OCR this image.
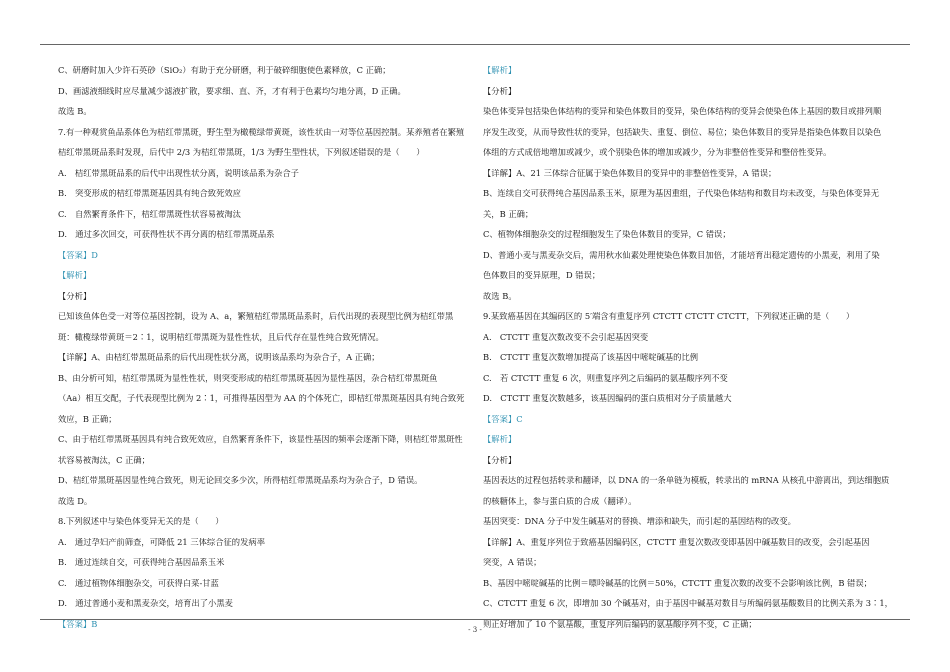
C、研磨时加入少许石英砂（SiO₂）有助于充分研磨，利于破碎细胞使色素释放，C 正确；
D、画滤液细线时应尽量减少滤液扩散，要求细、直、齐，才有利于色素均匀地分离，D 正确。
故选 B。
7.有一种观赏鱼品系体色为桔红带黑斑，野生型为橄榄绿带黄斑，该性状由一对等位基因控制。某养殖者在繁殖
桔红带黑斑品系时发现，后代中 2/3 为桔红带黑斑，1/3 为野生型性状，下列叙述错误的是（　　）
A.　桔红带黑斑品系的后代中出现性状分离，说明该品系为杂合子
B.　突变形成的桔红带黑斑基因具有纯合致死效应
C.　自然繁育条件下，桔红带黑斑性状容易被淘汰
D.　通过多次回交，可获得性状不再分离的桔红带黑斑品系
【答案】D
【解析】
【分析】
已知该鱼体色受一对等位基因控制，设为 A、a，繁殖桔红带黑斑品系时，后代出现的表现型比例为桔红带黑
斑：橄榄绿带黄斑＝2∶1，说明桔红带黑斑为显性性状，且后代存在显性纯合致死情况。
【详解】A、由桔红带黑斑品系的后代出现性状分离，说明该品系均为杂合子，A 正确；
B、由分析可知，桔红带黑斑为显性性状，则突变形成的桔红带黑斑基因为显性基因，杂合桔红带黑斑鱼
（Aa）相互交配，子代表现型比例为 2∶1，可推得基因型为 AA 的个体死亡，即桔红带黑斑基因具有纯合致死
效应，B 正确；
C、由于桔红带黑斑基因具有纯合致死效应，自然繁育条件下，该显性基因的频率会逐渐下降，则桔红带黑斑性
状容易被淘汰，C 正确；
D、桔红带黑斑基因显性纯合致死，则无论回交多少次，所得桔红带黑斑品系均为杂合子，D 错误。
故选 D。
8.下列叙述中与染色体变异无关的是（　　）
A.　通过孕妇产前筛查，可降低 21 三体综合征的发病率
B.　通过连续自交，可获得纯合基因品系玉米
C.　通过植物体细胞杂交，可获得白菜-甘蓝
D.　通过普通小麦和黑麦杂交，培育出了小黑麦
【答案】B
【解析】
【分析】
染色体变异包括染色体结构的变异和染色体数目的变异，染色体结构的变异会使染色体上基因的数目或排列顺
序发生改变，从而导致性状的变异，包括缺失、重复、倒位、易位；染色体数目的变异是指染色体数目以染色
体组的方式成倍地增加或减少，或个别染色体的增加或减少，分为非整倍性变异和整倍性变异。
【详解】A、21 三体综合征属于染色体数目的变异中的非整倍性变异，A 错误；
B、连续自交可获得纯合基因品系玉米，原理为基因重组，子代染色体结构和数目均未改变，与染色体变异无
关，B 正确；
C、植物体细胞杂交的过程细胞发生了染色体数目的变异，C 错误；
D、普通小麦与黑麦杂交后，需用秋水仙素处理使染色体数目加倍，才能培育出稳定遗传的小黑麦，利用了染
色体数目的变异原理，D 错误；
故选 B。
9.某致癌基因在其编码区的 5′端含有重复序列 CTCTT CTCTT CTCTT，下列叙述正确的是（　　）
A.　CTCTT 重复次数改变不会引起基因突变
B.　CTCTT 重复次数增加提高了该基因中嘧啶碱基的比例
C.　若 CTCTT 重复 6 次，则重复序列之后编码的氨基酸序列不变
D.　CTCTT 重复次数越多，该基因编码的蛋白质相对分子质量越大
【答案】C
【解析】
【分析】
基因表达的过程包括转录和翻译，以 DNA 的一条单链为模板，转录出的 mRNA 从核孔中游离出，到达细胞质
的核糖体上，参与蛋白质的合成（翻译）。
基因突变：DNA 分子中发生碱基对的替换、增添和缺失，而引起的基因结构的改变。
【详解】A、重复序列位于致癌基因编码区，CTCTT 重复次数改变即基因中碱基数目的改变，会引起基因
突变，A 错误；
B、基因中嘧啶碱基的比例＝嘌呤碱基的比例＝50%，CTCTT 重复次数的改变不会影响该比例，B 错误；
C、CTCTT 重复 6 次，即增加 30 个碱基对，由于基因中碱基对数目与所编码氨基酸数目的比例关系为 3∶1，
则正好增加了 10 个氨基酸，重复序列后编码的氨基酸序列不变，C 正确；
- 3 -
